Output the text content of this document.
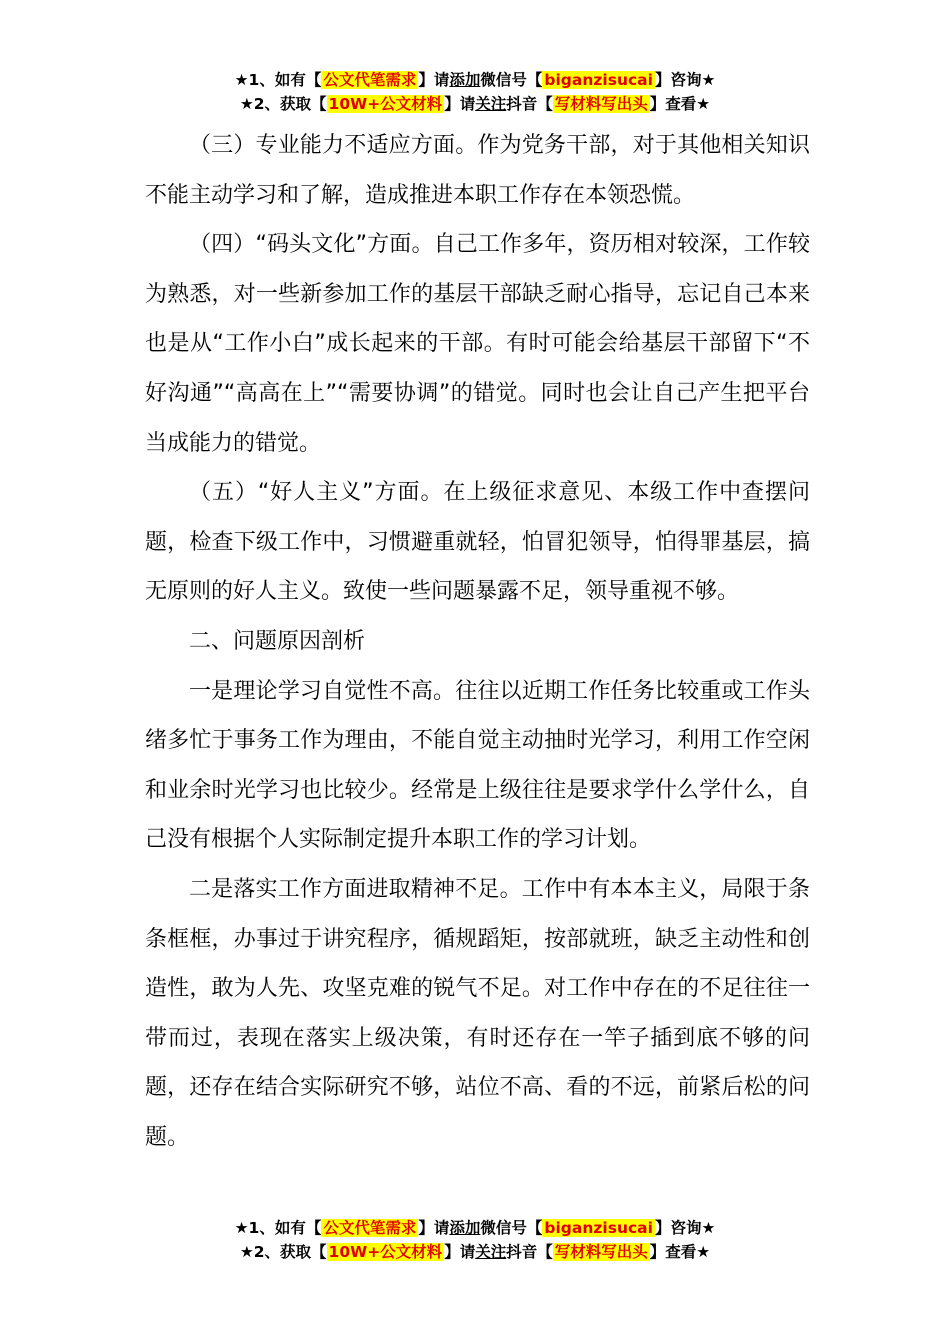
★1、如有【 公文代笔需求 】请添加微信号【 biganzisucai 】咨询★
★2、获取【 10W+公文材料 】请关注抖音【 写材料写出头 】查看★

（三）专业能力不适应方面。作为党务干部，对于其他相关知识不能主动学习和了解，造成推进本职工作存在本领恐慌。

（四）“码头文化”方面。自己工作多年，资历相对较深，工作较为熟悉，对一些新参加工作的基层干部缺乏耐心指导，忘记自己本来也是从“工作小白”成长起来的干部。有时可能会给基层干部留下“不好沟通”“高高在上”“需要协调”的错觉。同时也会让自己产生把平台当成能力的错觉。

（五）“好人主义”方面。在上级征求意见、本级工作中查摆问题，检查下级工作中，习惯避重就轻，怕冒犯领导，怕得罪基层，搞无原则的好人主义。致使一些问题暴露不足，领导重视不够。

二、问题原因剖析

一是理论学习自觉性不高。往往以近期工作任务比较重或工作头绪多忙于事务工作为理由，不能自觉主动抽时光学习，利用工作空闲和业余时光学习也比较少。经常是上级往往是要求学什么学什么，自己没有根据个人实际制定提升本职工作的学习计划。

二是落实工作方面进取精神不足。工作中有本本主义，局限于条条框框，办事过于讲究程序，循规蹈矩，按部就班，缺乏主动性和创造性，敢为人先、攻坚克难的锐气不足。对工作中存在的不足往往一带而过，表现在落实上级决策，有时还存在一竿子插到底不够的问题，还存在结合实际研究不够，站位不高、看的不远，前紧后松的问题。

★1、如有【 公文代笔需求 】请添加微信号【 biganzisucai 】咨询★
★2、获取【 10W+公文材料 】请关注抖音【 写材料写出头 】查看★
